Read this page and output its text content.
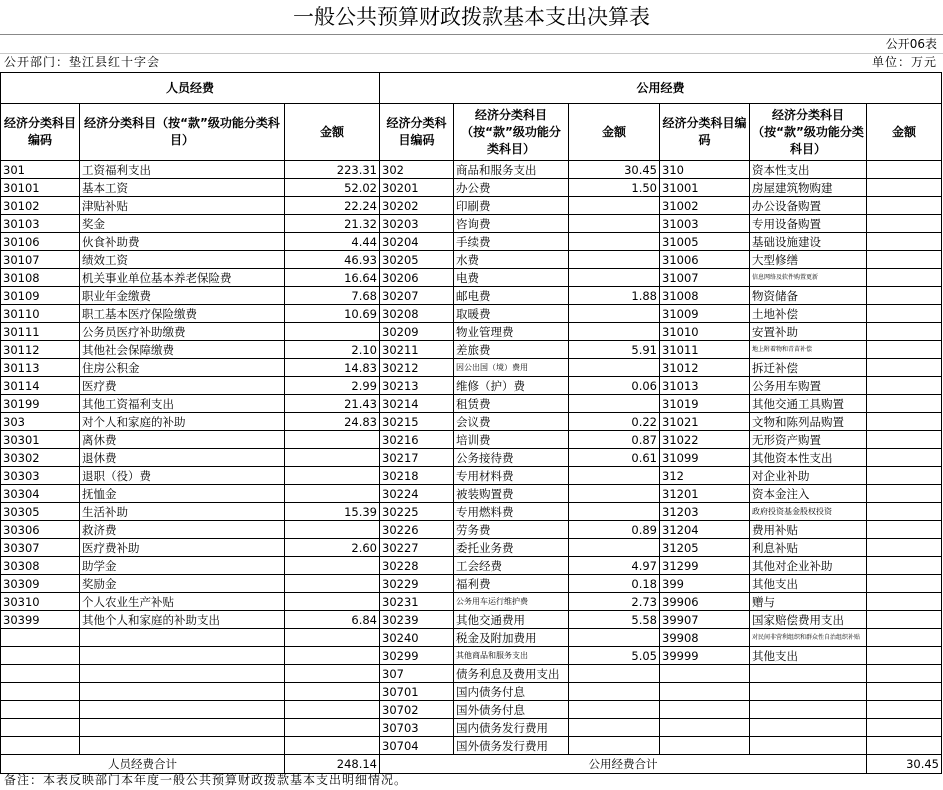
一般公共预算财政拨款基本支出决算表
公开06表
公开部门：垫江县红十字会	单位：万元
人员经费			公用经费					
经济分类科目编码	经济分类科目（按“款”级功能分类科目）	金额	经济分类科目编码	经济分类科目（按“款”级功能分类科目）	金额	经济分类科目编码	经济分类科目（按“款”级功能分类科目）	金额
301	工资福利支出	223.31	302	商品和服务支出	30.45	310	资本性支出	
30101	基本工资	52.02	30201	办公费	1.50	31001	房屋建筑物购建	
30102	津贴补贴	22.24	30202	印刷费		31002	办公设备购置	
30103	奖金	21.32	30203	咨询费		31003	专用设备购置	
30106	伙食补助费	4.44	30204	手续费		31005	基础设施建设	
30107	绩效工资	46.93	30205	水费		31006	大型修缮	
30108	机关事业单位基本养老保险费	16.64	30206	电费		31007	信息网络及软件购置更新	
30109	职业年金缴费	7.68	30207	邮电费	1.88	31008	物资储备	
30110	职工基本医疗保险缴费	10.69	30208	取暖费		31009	土地补偿	
30111	公务员医疗补助缴费		30209	物业管理费		31010	安置补助	
30112	其他社会保障缴费	2.10	30211	差旅费	5.91	31011	地上附着物和青苗补偿	
30113	住房公积金	14.83	30212	因公出国（境）费用		31012	拆迁补偿	
30114	医疗费	2.99	30213	维修（护）费	0.06	31013	公务用车购置	
30199	其他工资福利支出	21.43	30214	租赁费		31019	其他交通工具购置	
303	对个人和家庭的补助	24.83	30215	会议费	0.22	31021	文物和陈列品购置	
30301	离休费		30216	培训费	0.87	31022	无形资产购置	
30302	退休费		30217	公务接待费	0.61	31099	其他资本性支出	
30303	退职（役）费		30218	专用材料费		312	对企业补助	
30304	抚恤金		30224	被装购置费		31201	资本金注入	
30305	生活补助	15.39	30225	专用燃料费		31203	政府投资基金股权投资	
30306	救济费		30226	劳务费	0.89	31204	费用补贴	
30307	医疗费补助	2.60	30227	委托业务费		31205	利息补贴	
30308	助学金		30228	工会经费	4.97	31299	其他对企业补助	
30309	奖励金		30229	福利费	0.18	399	其他支出	
30310	个人农业生产补贴		30231	公务用车运行维护费	2.73	39906	赠与	
30399	其他个人和家庭的补助支出	6.84	30239	其他交通费用	5.58	39907	国家赔偿费用支出	
			30240	税金及附加费用		39908	对民间非营利组织和群众性自治组织补贴	
			30299	其他商品和服务支出	5.05	39999	其他支出	
			307	债务利息及费用支出				
			30701	国内债务付息				
			30702	国外债务付息				
			30703	国内债务发行费用				
			30704	国外债务发行费用				
人员经费合计		248.14	公用经费合计					30.45
备注：本表反映部门本年度一般公共预算财政拨款基本支出明细情况。
